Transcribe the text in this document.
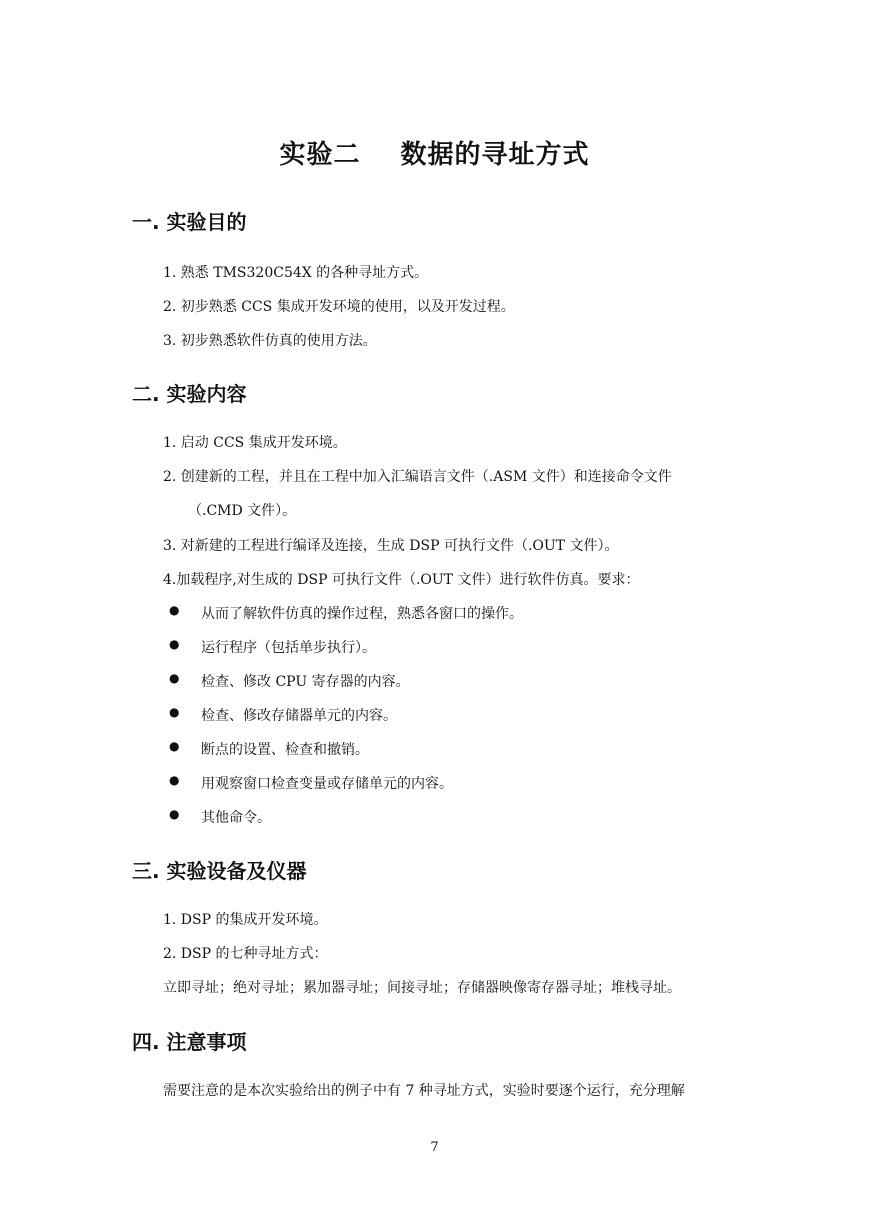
实验二 数据的寻址方式
一. 实验目的

1. 熟悉 TMS320C54X 的各种寻址方式。

2. 初步熟悉 CCS 集成开发环境的使用，以及开发过程。

3. 初步熟悉软件仿真的使用方法。

二. 实验内容

1. 启动 CCS 集成开发环境。

2. 创建新的工程，并且在工程中加入汇编语言文件（.ASM 文件）和连接命令文件

（.CMD 文件）。

3. 对新建的工程进行编译及连接，生成 DSP 可执行文件（.OUT 文件）。

4.加载程序,对生成的 DSP 可执行文件（.OUT 文件）进行软件仿真。要求：

● 从而了解软件仿真的操作过程，熟悉各窗口的操作。

● 运行程序（包括单步执行）。

● 检查、修改 CPU 寄存器的内容。

● 检查、修改存储器单元的内容。

● 断点的设置、检查和撤销。

● 用观察窗口检查变量或存储单元的内容。

● 其他命令。

三. 实验设备及仪器

1. DSP 的集成开发环境。

2. DSP 的七种寻址方式：

立即寻址；绝对寻址；累加器寻址；间接寻址；存储器映像寄存器寻址；堆栈寻址。

四. 注意事项

需要注意的是本次实验给出的例子中有 7 种寻址方式，实验时要逐个运行，充分理解

7
